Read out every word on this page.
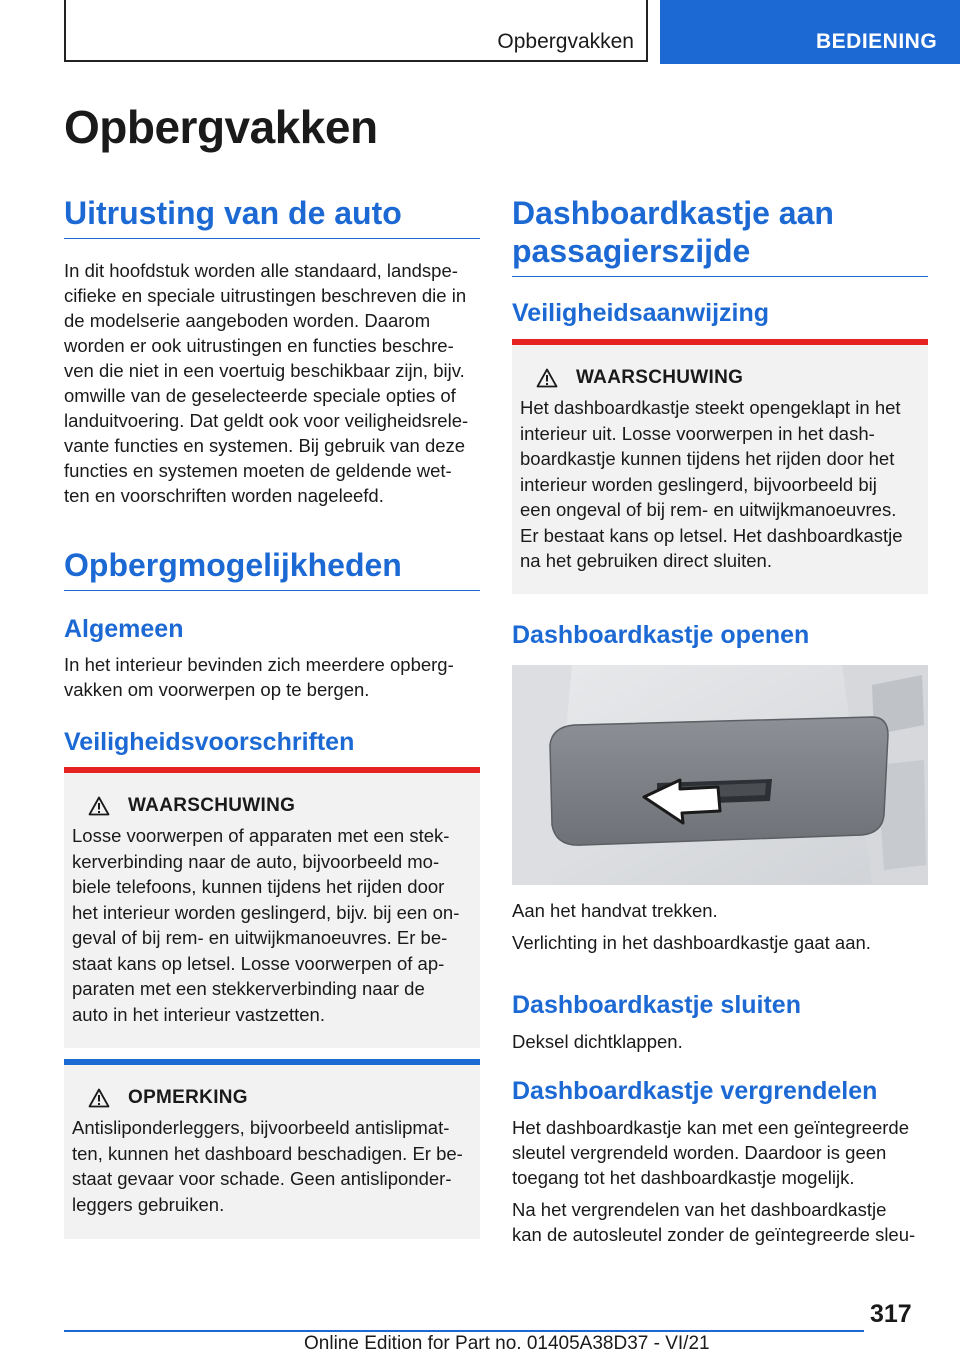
Opbergvakken	BEDIENING
Opbergvakken
Uitrusting van de auto

In dit hoofdstuk worden alle standaard, landspe-
cifieke en speciale uitrustingen beschreven die in
de modelserie aangeboden worden. Daarom
worden er ook uitrustingen en functies beschre-
ven die niet in een voertuig beschikbaar zijn, bijv.
omwille van de geselecteerde speciale opties of
landuitvoering. Dat geldt ook voor veiligheidsrele-
vante functies en systemen. Bij gebruik van deze
functies en systemen moeten de geldende wet-
ten en voorschriften worden nageleefd.

Opbergmogelijkheden
Algemeen

In het interieur bevinden zich meerdere opberg-
vakken om voorwerpen op te bergen.

Veiligheidsvoorschriften
WAARSCHUWING
Losse voorwerpen of apparaten met een stek-
kerverbinding naar de auto, bijvoorbeeld mo-
biele telefoons, kunnen tijdens het rijden door
het interieur worden geslingerd, bijv. bij een on-
geval of bij rem- en uitwijkmanoeuvres. Er be-
staat kans op letsel. Losse voorwerpen of ap-
paraten met een stekkerverbinding naar de
auto in het interieur vastzetten.
OPMERKING
Antisliponderleggers, bijvoorbeeld antislipmat-
ten, kunnen het dashboard beschadigen. Er be-
staat gevaar voor schade. Geen antisliponder-
leggers gebruiken.
Dashboardkastje aan
passagierszijde
Veiligheidsaanwijzing
WAARSCHUWING
Het dashboardkastje steekt opengeklapt in het
interieur uit. Losse voorwerpen in het dash-
boardkastje kunnen tijdens het rijden door het
interieur worden geslingerd, bijvoorbeeld bij
een ongeval of bij rem- en uitwijkmanoeuvres.
Er bestaat kans op letsel. Het dashboardkastje
na het gebruiken direct sluiten.
Dashboardkastje openen

Aan het handvat trekken.

Verlichting in het dashboardkastje gaat aan.

Dashboardkastje sluiten

Deksel dichtklappen.

Dashboardkastje vergrendelen

Het dashboardkastje kan met een geïntegreerde
sleutel vergrendeld worden. Daardoor is geen
toegang tot het dashboardkastje mogelijk.

Na het vergrendelen van het dashboardkastje
kan de autosleutel zonder de geïntegreerde sleu-

317
Online Edition for Part no. 01405A38D37 - VI/21
